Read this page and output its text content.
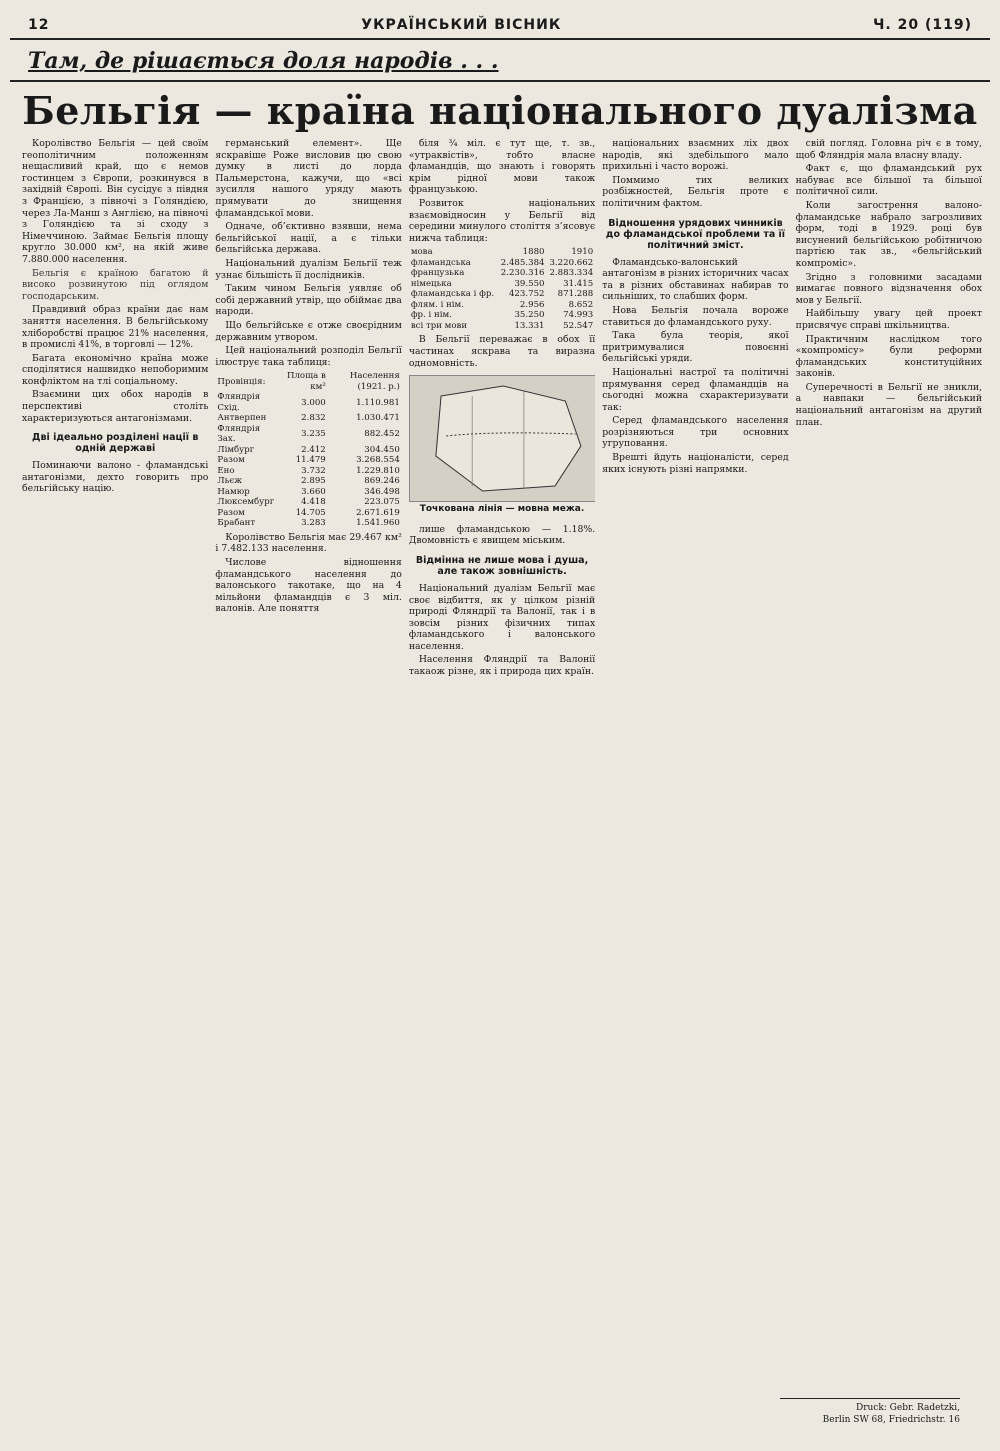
12	УКРАЇНСЬКИЙ ВІСНИК	Ч. 20 (119)
Там, де рішається доля народів . . .
Бельгія — країна національного дуалізма

Королівство Бельгія — цей своїм геополітичним положенням нещасливий край, що є немов гостинцем з Європи, розкинувся в західній Європі. Він сусідує з півдня з Францією, з півночі з Голяндією, через Ла-Манш з Англією, на півночі з Голяндією та зі сходу з Німеччиною. Займає Бельгія площу кругло 30.000 км², на якій живе 7.880.000 населення.

Бельгія є країною багатою й високо розвинутою під оглядом господарським.

Правдивий образ країни дає нам заняття населення. В бельгійському хліборобстві працює 21% населення, в промислі 41%, в торговлі — 12%.

Багата економічно країна може споділятися нашвидко непоборимим конфліктом на тлі соціальному.

Взаємини цих обох народів в перспективі століть характеризуються антагонізмами.

Дві ідеально розділені нації в одній державі

Поминаючи валоно - фламандські антагонізми, дехто говорить про бельгійську націю.

германський елемент». Ще яскравіше Роже висловив цю свою думку в листі до лорда Пальмерстона, кажучи, що «всі зусилля нашого уряду мають прямувати до знищення фламандської мови.

Одначе, об’єктивно взявши, нема бельгійської нації, а є тільки бельгійська держава.

Національний дуалізм Бельгії теж узнає більшість її дослідників.

Таким чином Бельгія уявляє об собі державний утвір, що обіймає два народи.

Що бельгійське є отже своєрідним державним утвором.

Цей національний розподіл Бельгії ілюструє така таблиця:

Провінція:	Площа в км²	Населення (1921. р.)
Фляндрія Схід.	3.000	1.110.981
Антверпен	2.832	1.030.471
Фляндрія Зах.	3.235	882.452
Лімбург	2.412	304.450
Разом	11.479	3.268.554
Ено	3.732	1.229.810
Льєж	2.895	869.246
Намюр	3.660	346.498
Люксембург	4.418	223.075
Разом	14.705	2.671.619
Брабант	3.283	1.541.960

Королівство Бельгія має 29.467 км² і 7.482.133 населення.

Числове відношення фламандського населення до валонського такотаке, що на 4 мільйони фламандців є 3 міл. валонів. Але поняття

біля ¾ міл. є тут ще, т. зв., «утраквістів», тобто власне фламандців, що знають і говорять крім рідної мови також французькою.

Розвиток національних взаємовідносин у Бельгії від середини минулого століття з’ясовує нижча таблиця:

мова	1880	1910
фламандська	2.485.384	3.220.662
французька	2.230.316	2.883.334
німецька	39.550	31.415
фламандська і фр.	423.752	871.288
флям. і нім.	2.956	8.652
фр. і нім.	35.250	74.993
всі три мови	13.331	52.547

В Бельгії переважає в обох її частинах яскрава та виразна одномовність.

Точкована лінія — мовна межа.

лише фламандською — 1.18%. Двомовність є явищем міським.

Відмінна не лише мова і душа, але також зовнішність.

Національний дуалізм Бельгії має своє відбиття, як у цілком різній природі Фляндрії та Валонії, так і в зовсім різних фізичних типах фламандського і валонського населення.

Населення Фляндрії та Валонії такаож різне, як і природа цих країн.

національних взаємних ліх двох народів, які здебільшого мало прихильні і часто ворожі.

Поммимо тих великих розбіжностей, Бельгія проте є політичним фактом.

Відношення урядових чинників до фламандської проблеми та її політичний зміст.

Фламандсько-валонський антагонізм в різних історичних часах та в різних обставинах набирав то сильніших, то слабших форм.

Нова Бельгія почала вороже ставиться до фламандського руху.

Така була теорія, якої притримувалися повоєнні бельгійські уряди.

Національні настрої та політичні прямування серед фламандців на сьогодні можна схарактеризувати так:

Серед фламандського населення розрізняються три основних угруповання.

Врешті йдуть націоналісти, серед яких існують різні напрямки.

свій погляд. Головна річ є в тому, щоб Фляндрія мала власну владу.

Факт є, що фламандський рух набуває все більшої та більшої політичної сили.

Коли загострення валоно-фламандське набрало загрозливих форм, тоді в 1929. році був висунений бельгійською робітничою партією так зв., «бельгійський компроміс».

Згідно з головними засадами вимагає повного відзначення обох мов у Бельгії.

Найбільшу увагу цей проект присвячує справі шкільництва.

Практичним наслідком того «компромісу» були реформи фламандських конституційних законів.

Суперечності в Бельгії не зникли, а навпаки — бельгійський національний антагонізм на другий план.

Druck: Gebr. Radetzki,
Berlin SW 68, Friedrichstr. 16
